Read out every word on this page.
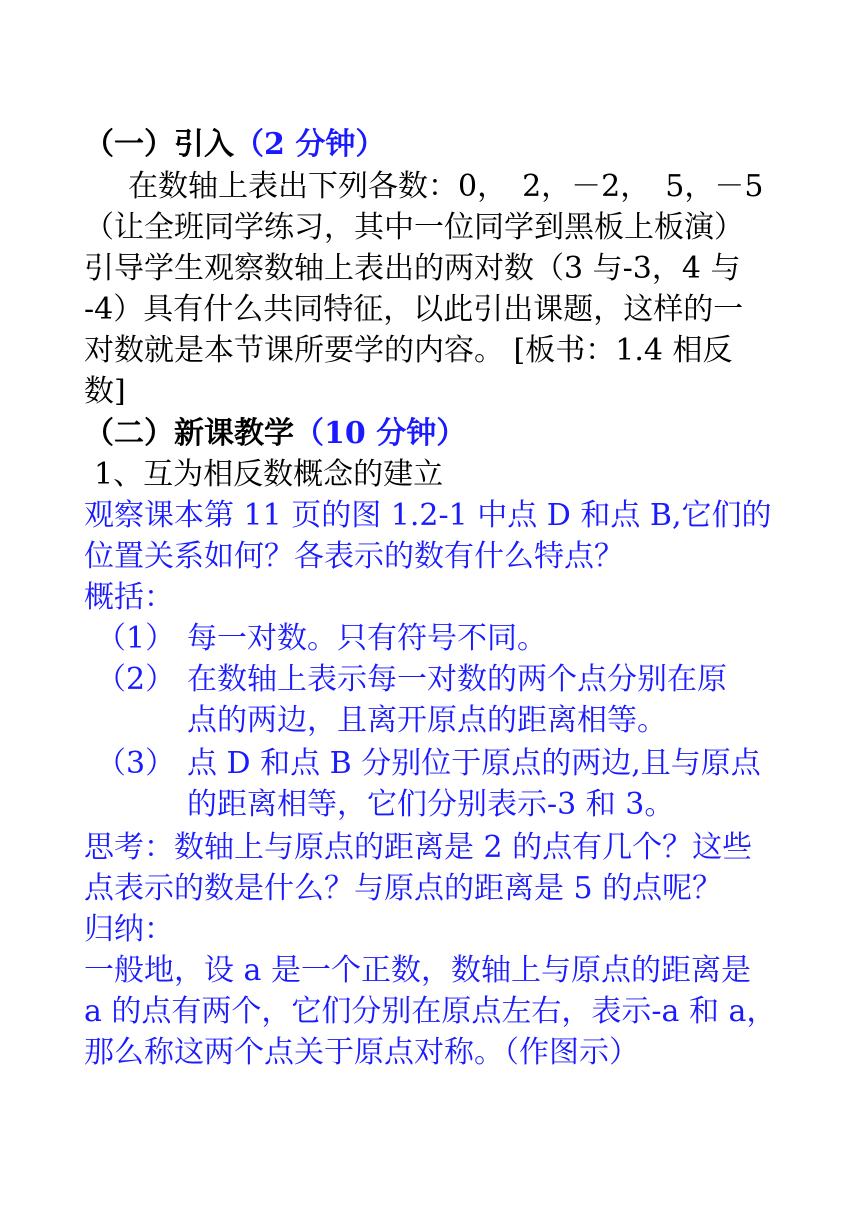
（一）引入（2 分钟）
在数轴上表出下列各数：0，　2，－2，　5，－5
（让全班同学练习，其中一位同学到黑板上板演）
引导学生观察数轴上表出的两对数（3 与-3，4 与
-4）具有什么共同特征，以此引出课题，这样的一
对数就是本节课所要学的内容。 [板书：1.4 相反
数]
（二）新课教学（10 分钟）
1、互为相反数概念的建立
观察课本第 11 页的图 1.2-1 中点 D 和点 B,它们的
位置关系如何？各表示的数有什么特点？
概括：
（1） 每一对数。只有符号不同。
（2） 在数轴上表示每一对数的两个点分别在原
点的两边，且离开原点的距离相等。
（3） 点 D 和点 B 分别位于原点的两边,且与原点
的距离相等，它们分别表示-3 和 3。
思考：数轴上与原点的距离是 2 的点有几个？这些
点表示的数是什么？与原点的距离是 5 的点呢？
归纳：
一般地，设 a 是一个正数，数轴上与原点的距离是
a 的点有两个，它们分别在原点左右，表示-a 和 a，
那么称这两个点关于原点对称。（作图示）
